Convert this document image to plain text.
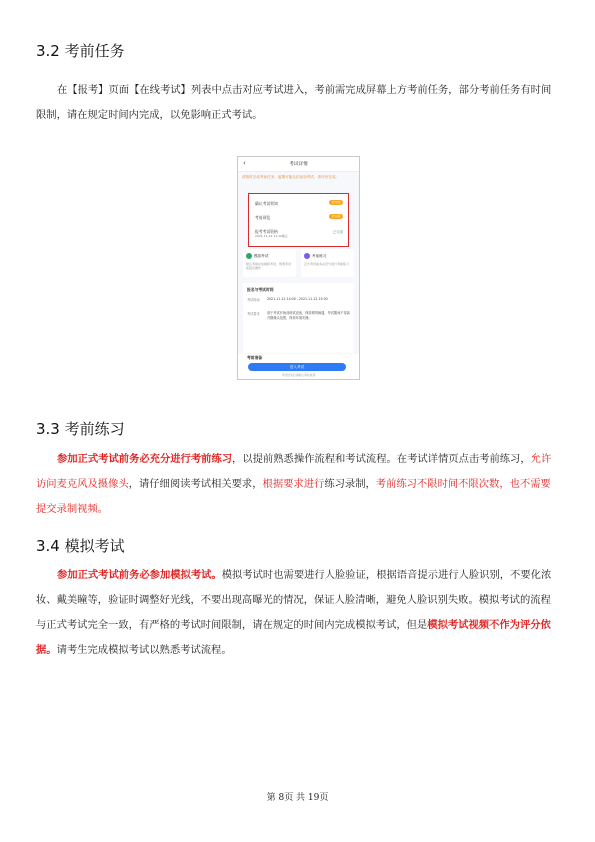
3.2 考前任务

在【报考】页面【在线考试】列表中点击对应考试进入，考前需完成屏幕上方考前任务，部分考前任务有时间限制，请在规定时间内完成，以免影响正式考试。

‹	考试详情
请按时完成考前任务，逾期可能无法参加考试，请尽快完成。
确认考试须知	去完成
考前预览	去完成
报考考试资格
2021-11-12 11:10截止
已完成
模拟考试
建议考前完成模拟考试，熟悉考试流程及操作
考前练习
正式考试前务必充分进行考前练习
报名与考试时间
考试时间 2021-11-12 14:00 - 2021-11-12 15:00
考试要求 请于考试开始前调试设备，保持网络畅通，考试期间不得离开摄像头范围，保持环境安静。
考前准备
进入考试
考试结束后请耐心等待成绩
3.3 考前练习

参加正式考试前务必充分进行考前练习，以提前熟悉操作流程和考试流程。在考试详情页点击考前练习，允许访问麦克风及摄像头，请仔细阅读考试相关要求，根据要求进行练习录制，考前练习不限时间不限次数，也不需要提交录制视频。

3.4 模拟考试

参加正式考试前务必参加模拟考试。模拟考试时也需要进行人脸验证，根据语音提示进行人脸识别，不要化浓妆、戴美瞳等，验证时调整好光线，不要出现高曝光的情况，保证人脸清晰，避免人脸识别失败。模拟考试的流程与正式考试完全一致，有严格的考试时间限制，请在规定的时间内完成模拟考试，但是模拟考试视频不作为评分依据。请考生完成模拟考试以熟悉考试流程。

第 8页 共 19页
